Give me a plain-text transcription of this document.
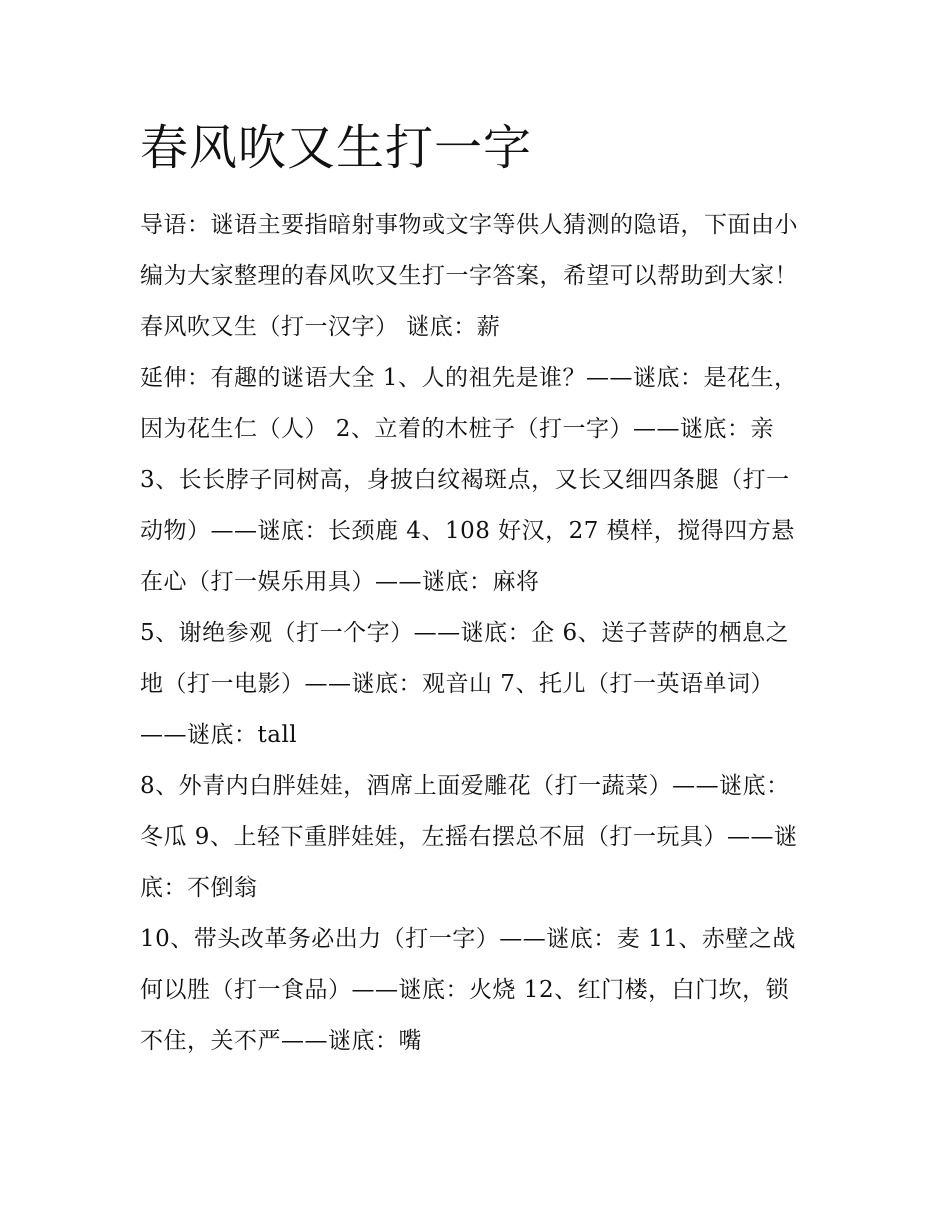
春风吹又生打一字

导语：谜语主要指暗射事物或文字等供人猜测的隐语，下面由小编为大家整理的春风吹又生打一字答案，希望可以帮助到大家！ 春风吹又生（打一汉字） 谜底：薪

延伸：有趣的谜语大全 1、人的祖先是谁？——谜底：是花生，因为花生仁（人） 2、立着的木桩子（打一字）——谜底：亲

3、长长脖子同树高，身披白纹褐斑点，又长又细四条腿（打一动物）——谜底：长颈鹿 4、108 好汉，27 模样，搅得四方悬在心（打一娱乐用具）——谜底：麻将

5、谢绝参观（打一个字）——谜底：企 6、送子菩萨的栖息之地（打一电影）——谜底：观音山 7、托儿（打一英语单词）——谜底：tall

8、外青内白胖娃娃，酒席上面爱雕花（打一蔬菜）——谜底：冬瓜 9、上轻下重胖娃娃，左摇右摆总不屈（打一玩具）——谜底：不倒翁

10、带头改革务必出力（打一字）——谜底：麦 11、赤壁之战何以胜（打一食品）——谜底：火烧 12、红门楼，白门坎，锁不住，关不严——谜底：嘴
